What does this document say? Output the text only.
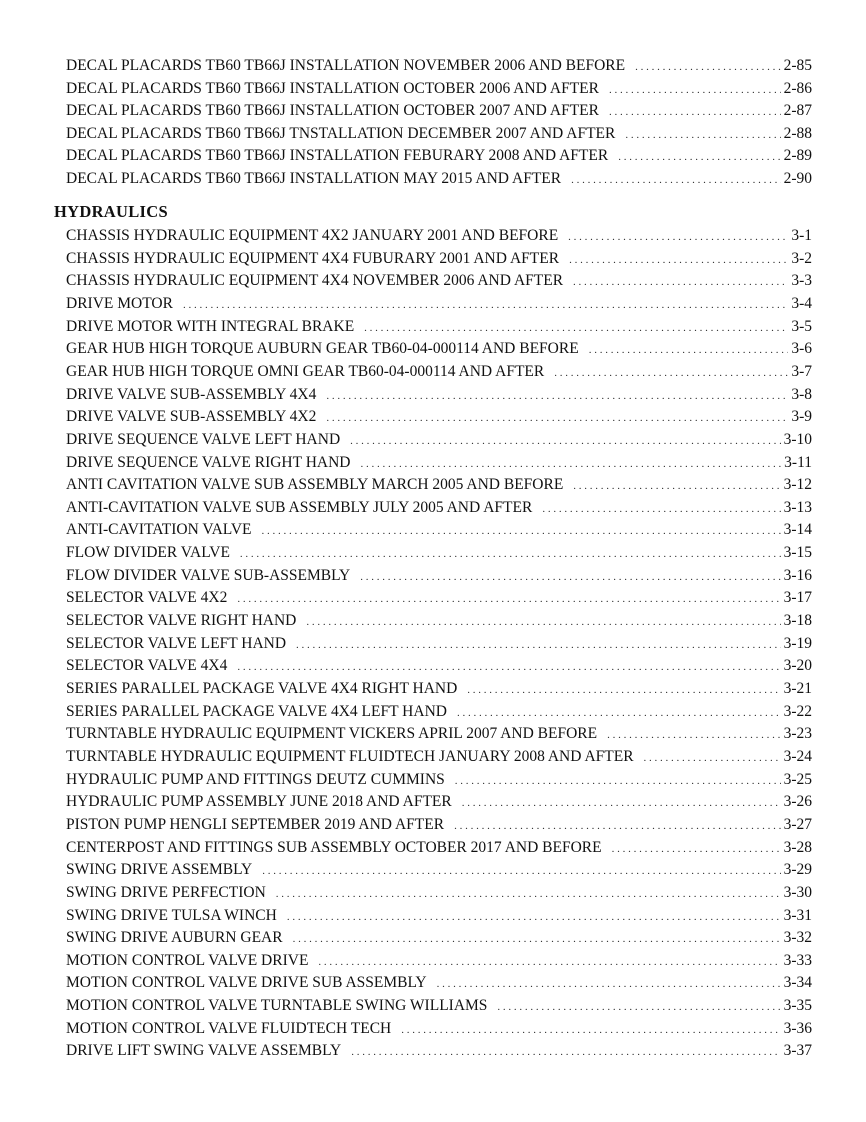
HYDRAULICS
DECAL PLACARDS TB60 TB66J INSTALLATION NOVEMBER 2006 AND BEFORE . . .	2-85
DECAL PLACARDS TB60 TB66J INSTALLATION OCTOBER 2006 AND AFTER . . .	2-86
DECAL PLACARDS TB60 TB66J INSTALLATION OCTOBER 2007 AND AFTER . . .	2-87
DECAL PLACARDS TB60 TB66J TNSTALLATION DECEMBER 2007 AND AFTER . . .	2-88
DECAL PLACARDS TB60 TB66J INSTALLATION FEBURARY 2008 AND AFTER . . .	2-89
DECAL PLACARDS TB60 TB66J INSTALLATION MAY 2015 AND AFTER . . .	2-90
CHASSIS HYDRAULIC EQUIPMENT 4X2 JANUARY 2001 AND BEFORE . . .	3-1
CHASSIS HYDRAULIC EQUIPMENT 4X4 FUBURARY 2001 AND AFTER . . .	3-2
CHASSIS HYDRAULIC EQUIPMENT 4X4 NOVEMBER 2006 AND AFTER . . .	3-3
DRIVE MOTOR . . .	3-4
DRIVE MOTOR WITH INTEGRAL BRAKE . . .	3-5
GEAR HUB HIGH TORQUE AUBURN GEAR TB60-04-000114 AND BEFORE . . .	3-6
GEAR HUB HIGH TORQUE OMNI GEAR TB60-04-000114 AND AFTER . . .	3-7
DRIVE VALVE SUB-ASSEMBLY 4X4 . . .	3-8
DRIVE VALVE SUB-ASSEMBLY 4X2 . . .	3-9
DRIVE SEQUENCE VALVE LEFT HAND . . .	3-10
DRIVE SEQUENCE VALVE RIGHT HAND . . .	3-11
ANTI CAVITATION VALVE SUB ASSEMBLY MARCH 2005 AND BEFORE . . .	3-12
ANTI-CAVITATION VALVE SUB ASSEMBLY JULY 2005 AND AFTER . . .	3-13
ANTI-CAVITATION VALVE . . .	3-14
FLOW DIVIDER VALVE . . .	3-15
FLOW DIVIDER VALVE SUB-ASSEMBLY . . .	3-16
SELECTOR VALVE 4X2 . . .	3-17
SELECTOR VALVE RIGHT HAND . . .	3-18
SELECTOR VALVE LEFT HAND . . .	3-19
SELECTOR VALVE 4X4 . . .	3-20
SERIES PARALLEL PACKAGE VALVE 4X4 RIGHT HAND . . .	3-21
SERIES PARALLEL PACKAGE VALVE 4X4 LEFT HAND . . .	3-22
TURNTABLE HYDRAULIC EQUIPMENT VICKERS APRIL 2007 AND BEFORE . . .	3-23
TURNTABLE HYDRAULIC EQUIPMENT FLUIDTECH JANUARY 2008 AND AFTER . . .	3-24
HYDRAULIC PUMP AND FITTINGS DEUTZ CUMMINS . . .	3-25
HYDRAULIC PUMP ASSEMBLY JUNE 2018 AND AFTER . . .	3-26
PISTON PUMP HENGLI SEPTEMBER 2019 AND AFTER . . .	3-27
CENTERPOST AND FITTINGS SUB ASSEMBLY OCTOBER 2017 AND BEFORE . . .	3-28
SWING DRIVE ASSEMBLY . . .	3-29
SWING DRIVE PERFECTION . . .	3-30
SWING DRIVE TULSA WINCH . . .	3-31
SWING DRIVE AUBURN GEAR . . .	3-32
MOTION CONTROL VALVE DRIVE . . .	3-33
MOTION CONTROL VALVE DRIVE SUB ASSEMBLY . . .	3-34
MOTION CONTROL VALVE TURNTABLE SWING WILLIAMS . . .	3-35
MOTION CONTROL VALVE FLUIDTECH TECH . . .	3-36
DRIVE LIFT SWING VALVE ASSEMBLY . . .	3-37
